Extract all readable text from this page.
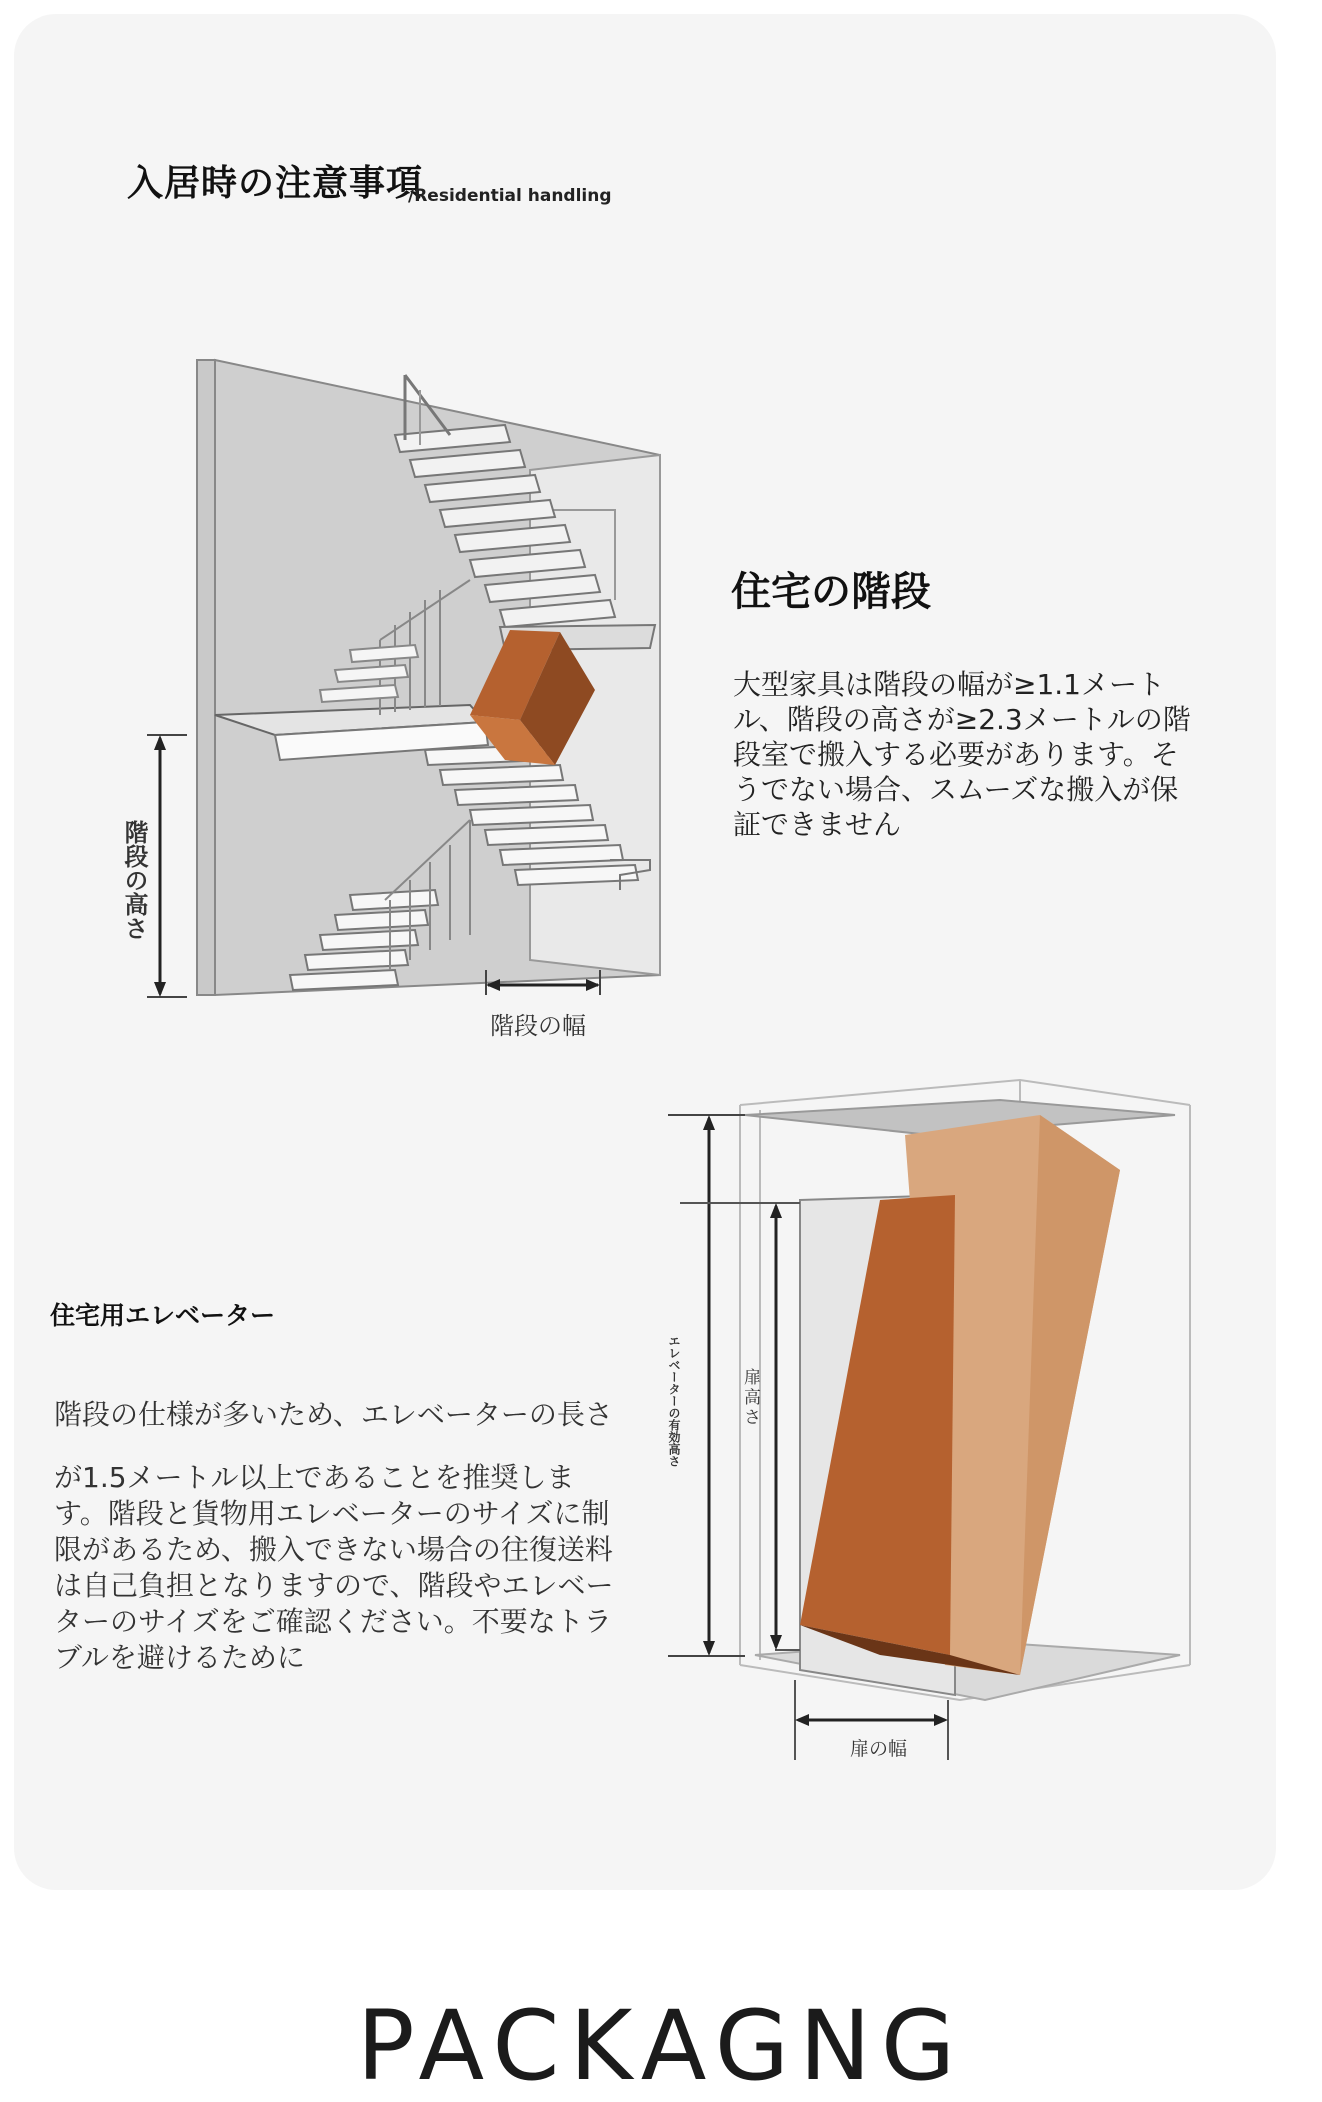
入居時の注意事項
/Residential handling
住宅の階段
大型家具は階段の幅が≥1.1メートル、階段の高さが≥2.3メートルの階段室で搬入する必要があります。そうでない場合、スムーズな搬入が保証できません
階段の高さ
階段の幅
住宅用エレベーター
階段の仕様が多いため、エレベーターの長さ
が1.5メートル以上であることを推奨します。階段と貨物用エレベーターのサイズに制限があるため、搬入できない場合の往復送料は自己負担となりますので、階段やエレベーターのサイズをご確認ください。不要なトラブルを避けるために
エレベーターの有効高さ	扉高さ
扉の幅
PACKAGNG
